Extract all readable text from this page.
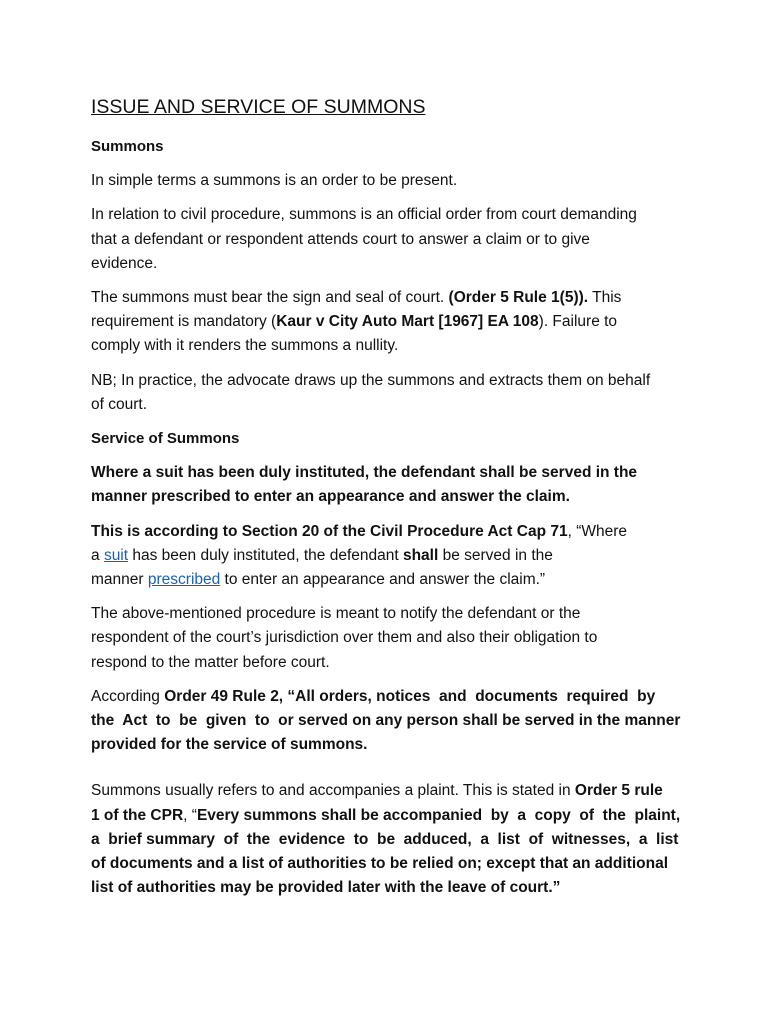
ISSUE AND SERVICE OF SUMMONS
Summons

In simple terms a summons is an order to be present.

In relation to civil procedure, summons is an official order from court demanding
that a defendant or respondent attends court to answer a claim or to give
evidence.

The summons must bear the sign and seal of court. (Order 5 Rule 1(5)). This
requirement is mandatory (Kaur v City Auto Mart [1967] EA 108). Failure to
comply with it renders the summons a nullity.

NB; In practice, the advocate draws up the summons and extracts them on behalf
of court.

Service of Summons

Where a suit has been duly instituted, the defendant shall be served in the
manner prescribed to enter an appearance and answer the claim.

This is according to Section 20 of the Civil Procedure Act Cap 71, “Where
a suit has been duly instituted, the defendant shall be served in the
manner prescribed to enter an appearance and answer the claim.”

The above-mentioned procedure is meant to notify the defendant or the
respondent of the court’s jurisdiction over them and also their obligation to
respond to the matter before court.

According Order 49 Rule 2, “All orders, notices  and  documents  required  by
the  Act  to  be  given  to  or served on any person shall be served in the manner
provided for the service of summons.

Summons usually refers to and accompanies a plaint. This is stated in Order 5 rule
1 of the CPR, “Every summons shall be accompanied  by  a  copy  of  the  plaint,
a  brief summary  of  the  evidence  to  be  adduced,  a  list  of  witnesses,  a  list
of documents and a list of authorities to be relied on; except that an additional
list of authorities may be provided later with the leave of court.”
